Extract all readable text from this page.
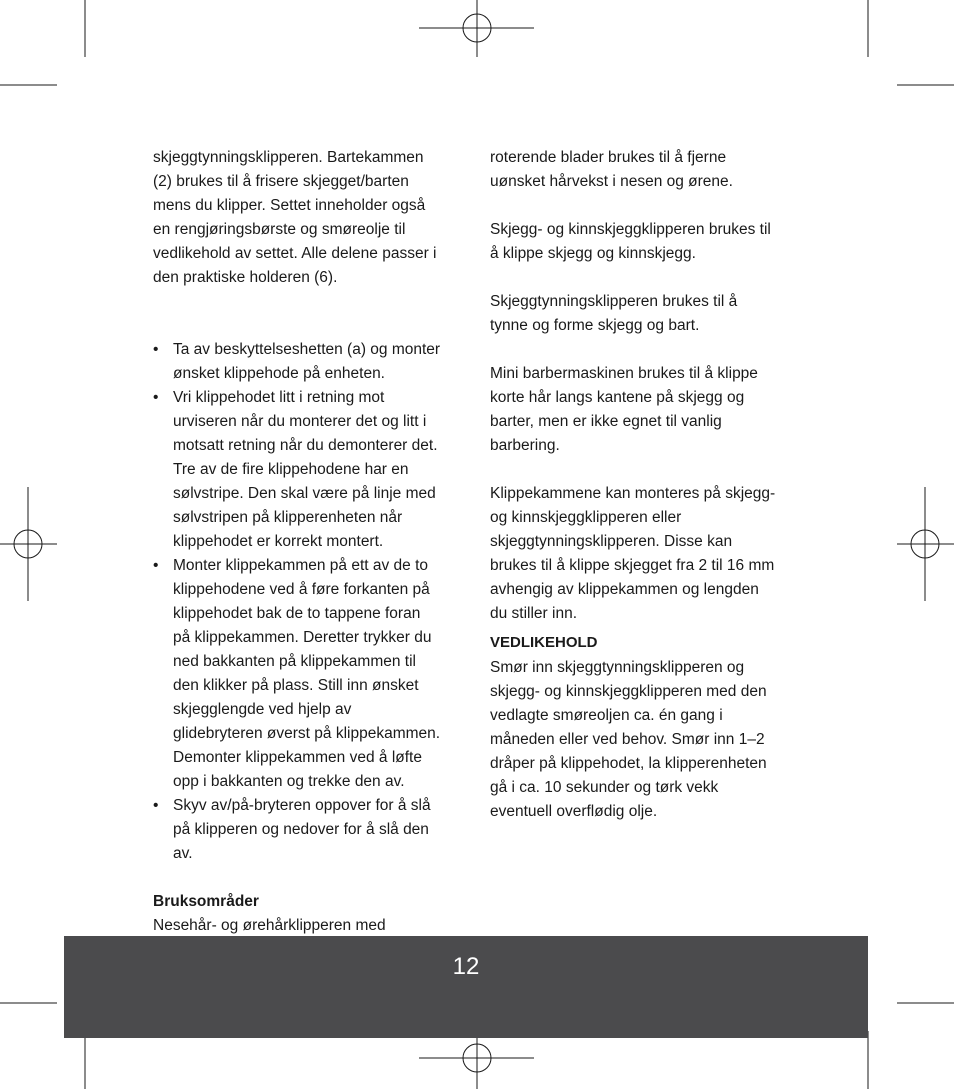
skjeggtynningsklipperen. Bartekammen
(2) brukes til å frisere skjegget/barten
mens du klipper. Settet inneholder også
en rengjøringsbørste og smøreolje til
vedlikehold av settet. Alle delene passer i
den praktiske holderen (6).

• Ta av beskyttelseshetten (a) og monter
ønsket klippehode på enheten.
• Vri klippehodet litt i retning mot
urviseren når du monterer det og litt i
motsatt retning når du demonterer det.
Tre av de fire klippehodene har en
sølvstripe. Den skal være på linje med
sølvstripen på klipperenheten når
klippehodet er korrekt montert.
• Monter klippekammen på ett av de to
klippehodene ved å føre forkanten på
klippehodet bak de to tappene foran
på klippekammen. Deretter trykker du
ned bakkanten på klippekammen til
den klikker på plass. Still inn ønsket
skjegglengde ved hjelp av
glidebryteren øverst på klippekammen.
Demonter klippekammen ved å løfte
opp i bakkanten og trekke den av.
• Skyv av/på-bryteren oppover for å slå
på klipperen og nedover for å slå den
av.

Bruksområder

Nesehår- og ørehårklipperen med

roterende blader brukes til å fjerne
uønsket hårvekst i nesen og ørene.

Skjegg- og kinnskjeggklipperen brukes til
å klippe skjegg og kinnskjegg.

Skjeggtynningsklipperen brukes til å
tynne og forme skjegg og bart.

Mini barbermaskinen brukes til å klippe
korte hår langs kantene på skjegg og
barter, men er ikke egnet til vanlig
barbering.

Klippekammene kan monteres på skjegg-
og kinnskjeggklipperen eller
skjeggtynningsklipperen. Disse kan
brukes til å klippe skjegget fra 2 til 16 mm
avhengig av klippekammen og lengden
du stiller inn.

VEDLIKEHOLD

Smør inn skjeggtynningsklipperen og
skjegg- og kinnskjeggklipperen med den
vedlagte smøreoljen ca. én gang i
måneden eller ved behov. Smør inn 1–2
dråper på klippehodet, la klipperenheten
gå i ca. 10 sekunder og tørk vekk
eventuell overflødig olje.

12
